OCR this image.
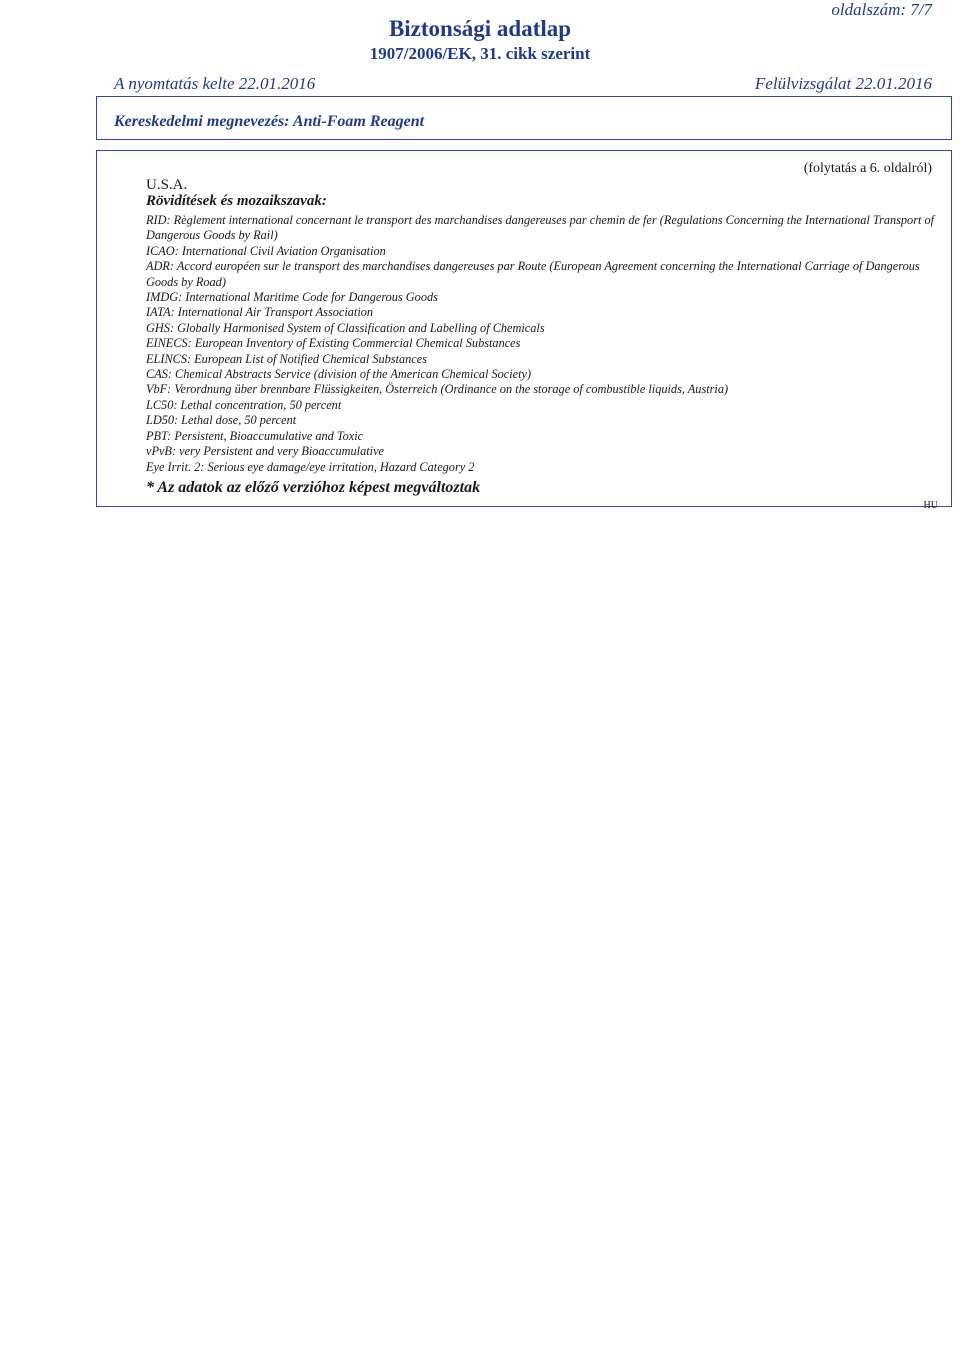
oldalszám: 7/7
Biztonsági adatlap
1907/2006/EK, 31. cikk szerint
A nyomtatás kelte 22.01.2016	Felülvizsgálat 22.01.2016
Kereskedelmi megnevezés: Anti-Foam Reagent
(folytatás a 6. oldalról)
U.S.A.
Rövidítések és mozaikszavak:
RID: Règlement international concernant le transport des marchandises dangereuses par chemin de fer (Regulations Concerning the International Transport of Dangerous Goods by Rail)
ICAO: International Civil Aviation Organisation
ADR: Accord européen sur le transport des marchandises dangereuses par Route (European Agreement concerning the International Carriage of Dangerous Goods by Road)
IMDG: International Maritime Code for Dangerous Goods
IATA: International Air Transport Association
GHS: Globally Harmonised System of Classification and Labelling of Chemicals
EINECS: European Inventory of Existing Commercial Chemical Substances
ELINCS: European List of Notified Chemical Substances
CAS: Chemical Abstracts Service (division of the American Chemical Society)
VbF: Verordnung über brennbare Flüssigkeiten, Österreich (Ordinance on the storage of combustible liquids, Austria)
LC50: Lethal concentration, 50 percent
LD50: Lethal dose, 50 percent
PBT: Persistent, Bioaccumulative and Toxic
vPvB: very Persistent and very Bioaccumulative
Eye Irrit. 2: Serious eye damage/eye irritation, Hazard Category 2
* Az adatok az előző verzióhoz képest megváltoztak
HU
